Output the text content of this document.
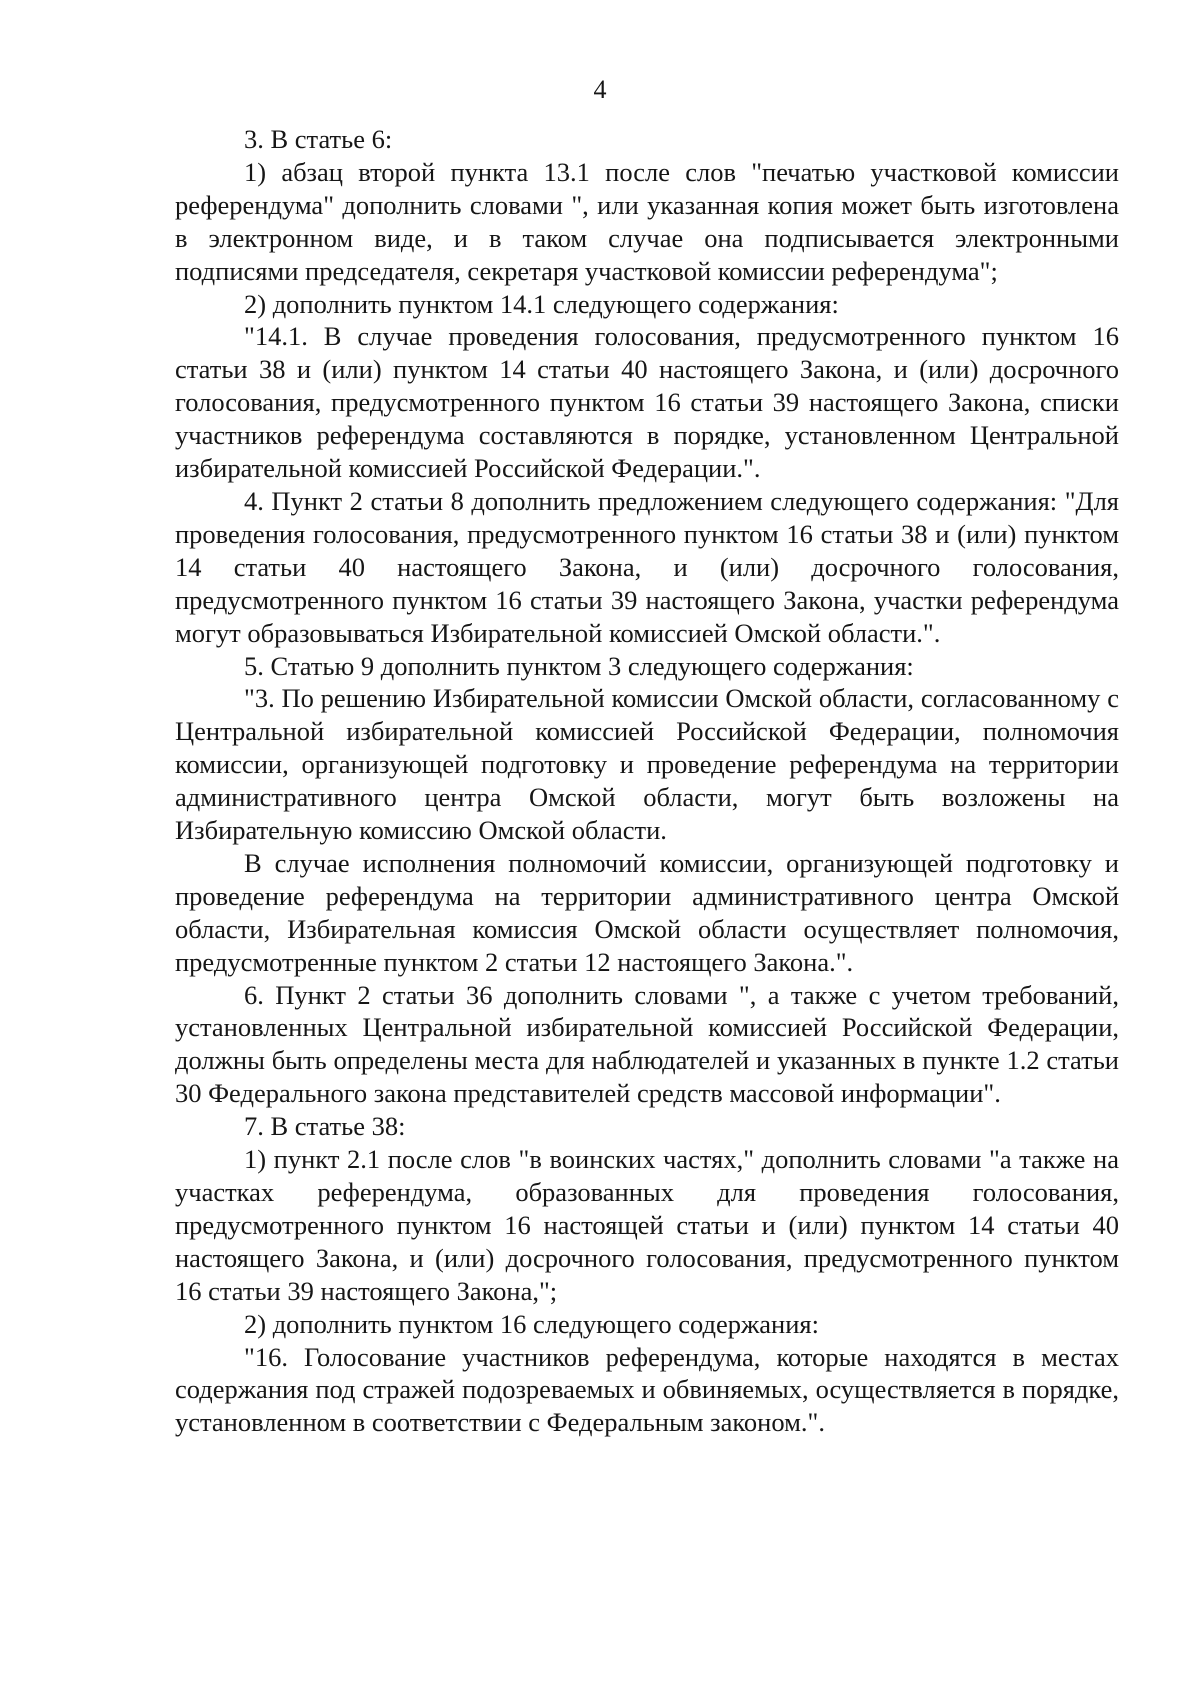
4

3. В статье 6:

1) абзац второй пункта 13.1 после слов "печатью участковой комиссии референдума" дополнить словами ", или указанная копия может быть изготовлена в электронном виде, и в таком случае она подписывается электронными подписями председателя, секретаря участковой комиссии референдума";

2) дополнить пунктом 14.1 следующего содержания:

"14.1. В случае проведения голосования, предусмотренного пунктом 16 статьи 38 и (или) пунктом 14 статьи 40 настоящего Закона, и (или) досрочного голосования, предусмотренного пунктом 16 статьи 39 настоящего Закона, списки участников референдума составляются в порядке, установленном Центральной избирательной комиссией Российской Федерации.".

4. Пункт 2 статьи 8 дополнить предложением следующего содержания: "Для проведения голосования, предусмотренного пунктом 16 статьи 38 и (или) пунктом 14 статьи 40 настоящего Закона, и (или) досрочного голосования, предусмотренного пунктом 16 статьи 39 настоящего Закона, участки референдума могут образовываться Избирательной комиссией Омской области.".

5. Статью 9 дополнить пунктом 3 следующего содержания:

"3. По решению Избирательной комиссии Омской области, согласованному с Центральной избирательной комиссией Российской Федерации, полномочия комиссии, организующей подготовку и проведение референдума на территории административного центра Омской области, могут быть возложены на Избирательную комиссию Омской области.

В случае исполнения полномочий комиссии, организующей подготовку и проведение референдума на территории административного центра Омской области, Избирательная комиссия Омской области осуществляет полномочия, предусмотренные пунктом 2 статьи 12 настоящего Закона.".

6. Пункт 2 статьи 36 дополнить словами ", а также с учетом требований, установленных Центральной избирательной комиссией Российской Федерации, должны быть определены места для наблюдателей и указанных в пункте 1.2 статьи 30 Федерального закона представителей средств массовой информации".

7. В статье 38:

1) пункт 2.1 после слов "в воинских частях," дополнить словами "а также на участках референдума, образованных для проведения голосования, предусмотренного пунктом 16 настоящей статьи и (или) пунктом 14 статьи 40 настоящего Закона, и (или) досрочного голосования, предусмотренного пунктом 16 статьи 39 настоящего Закона,";

2) дополнить пунктом 16 следующего содержания:

"16. Голосование участников референдума, которые находятся в местах содержания под стражей подозреваемых и обвиняемых, осуществляется в порядке, установленном в соответствии с Федеральным законом.".
